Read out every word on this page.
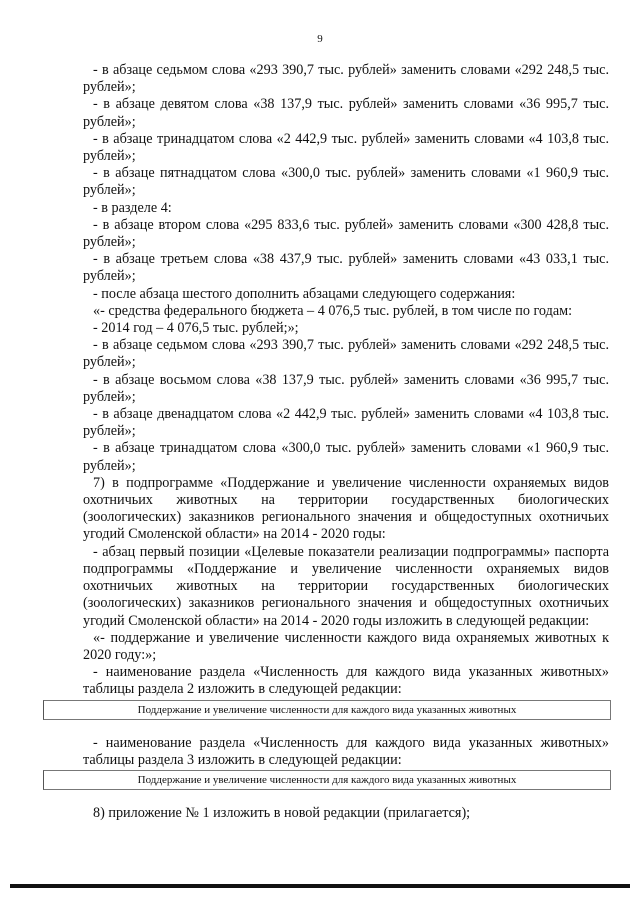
9

- в абзаце седьмом слова «293 390,7 тыс. рублей» заменить словами «292 248,5 тыс. рублей»;

- в абзаце девятом слова «38 137,9 тыс. рублей» заменить словами «36 995,7 тыс. рублей»;

- в абзаце тринадцатом слова «2 442,9 тыс. рублей» заменить словами «4 103,8 тыс. рублей»;

- в абзаце пятнадцатом слова «300,0 тыс. рублей» заменить словами «1 960,9 тыс. рублей»;

- в разделе 4:

- в абзаце втором слова «295 833,6 тыс. рублей» заменить словами «300 428,8 тыс. рублей»;

- в абзаце третьем слова «38 437,9 тыс. рублей» заменить словами «43 033,1 тыс. рублей»;

- после абзаца шестого дополнить абзацами следующего содержания:

«- средства федерального бюджета – 4 076,5 тыс. рублей, в том числе по годам:

- 2014 год – 4 076,5 тыс. рублей;»;

- в абзаце седьмом слова «293 390,7 тыс. рублей» заменить словами «292 248,5 тыс. рублей»;

- в абзаце восьмом слова «38 137,9 тыс. рублей» заменить словами «36 995,7 тыс. рублей»;

- в абзаце двенадцатом слова «2 442,9 тыс. рублей» заменить словами «4 103,8 тыс. рублей»;

- в абзаце тринадцатом слова «300,0 тыс. рублей» заменить словами «1 960,9 тыс. рублей»;

7) в подпрограмме «Поддержание и увеличение численности охраняемых видов охотничьих животных на территории государственных биологических (зоологических) заказников регионального значения и общедоступных охотничьих угодий Смоленской области» на 2014 - 2020 годы:

- абзац первый позиции «Целевые показатели реализации подпрограммы» паспорта подпрограммы «Поддержание и увеличение численности охраняемых видов охотничьих животных на территории государственных биологических (зоологических) заказников регионального значения и общедоступных охотничьих угодий Смоленской области» на 2014 - 2020 годы изложить в следующей редакции:

«- поддержание и увеличение численности каждого вида охраняемых животных к 2020 году:»;

- наименование раздела «Численность для каждого вида указанных животных» таблицы раздела 2 изложить в следующей редакции:

Поддержание и увеличение численности для каждого вида указанных животных

- наименование раздела «Численность для каждого вида указанных животных» таблицы раздела 3 изложить в следующей редакции:

Поддержание и увеличение численности для каждого вида указанных животных

8) приложение № 1 изложить в новой редакции (прилагается);
